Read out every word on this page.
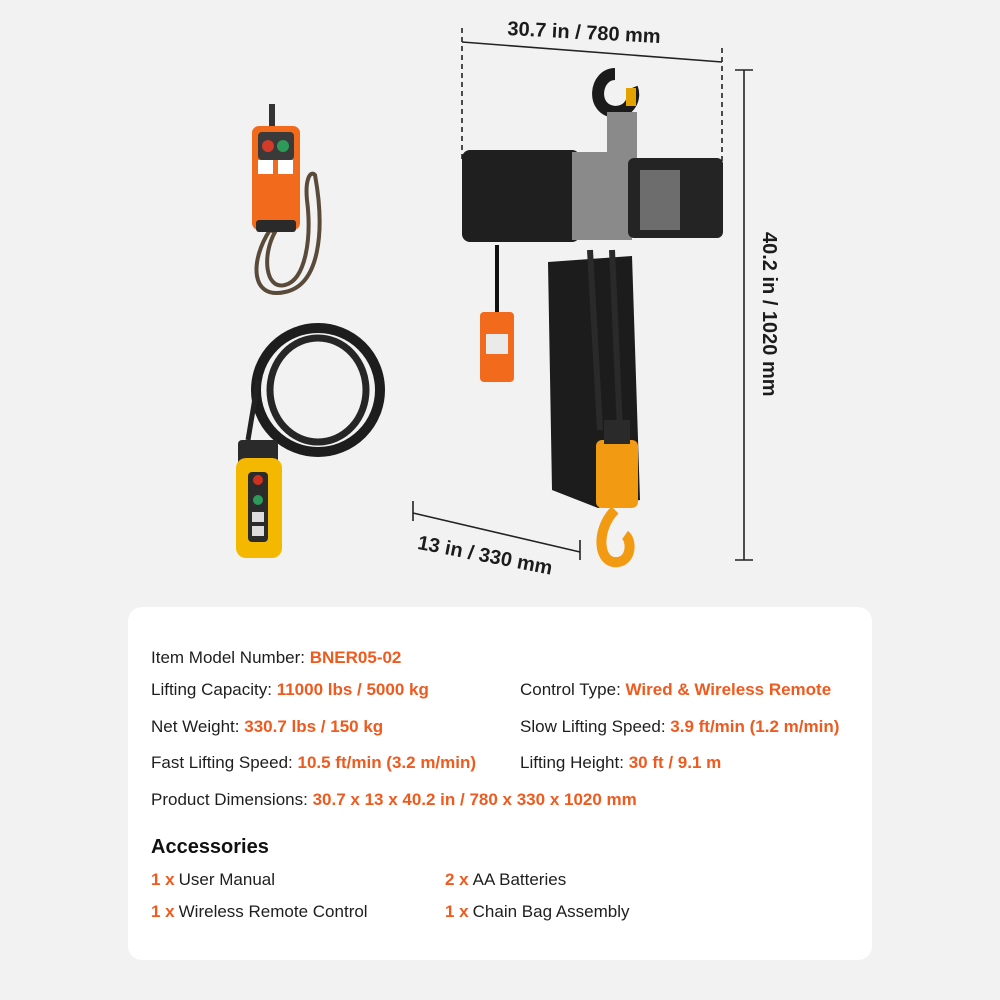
30.7 in / 780 mm
13 in / 330 mm
40.2 in / 1020 mm
Item Model Number: BNER05-02
Lifting Capacity: 11000 lbs / 5000 kg	Control Type: Wired & Wireless Remote
Net Weight: 330.7 lbs / 150 kg	Slow Lifting Speed: 3.9 ft/min (1.2 m/min)
Fast Lifting Speed: 10.5 ft/min (3.2 m/min)	Lifting Height: 30 ft / 9.1 m
Product Dimensions: 30.7 x 13 x 40.2 in / 780 x 330 x 1020 mm
Accessories
1 x User Manual	2 x AA Batteries
1 x Wireless Remote Control	1 x Chain Bag Assembly
